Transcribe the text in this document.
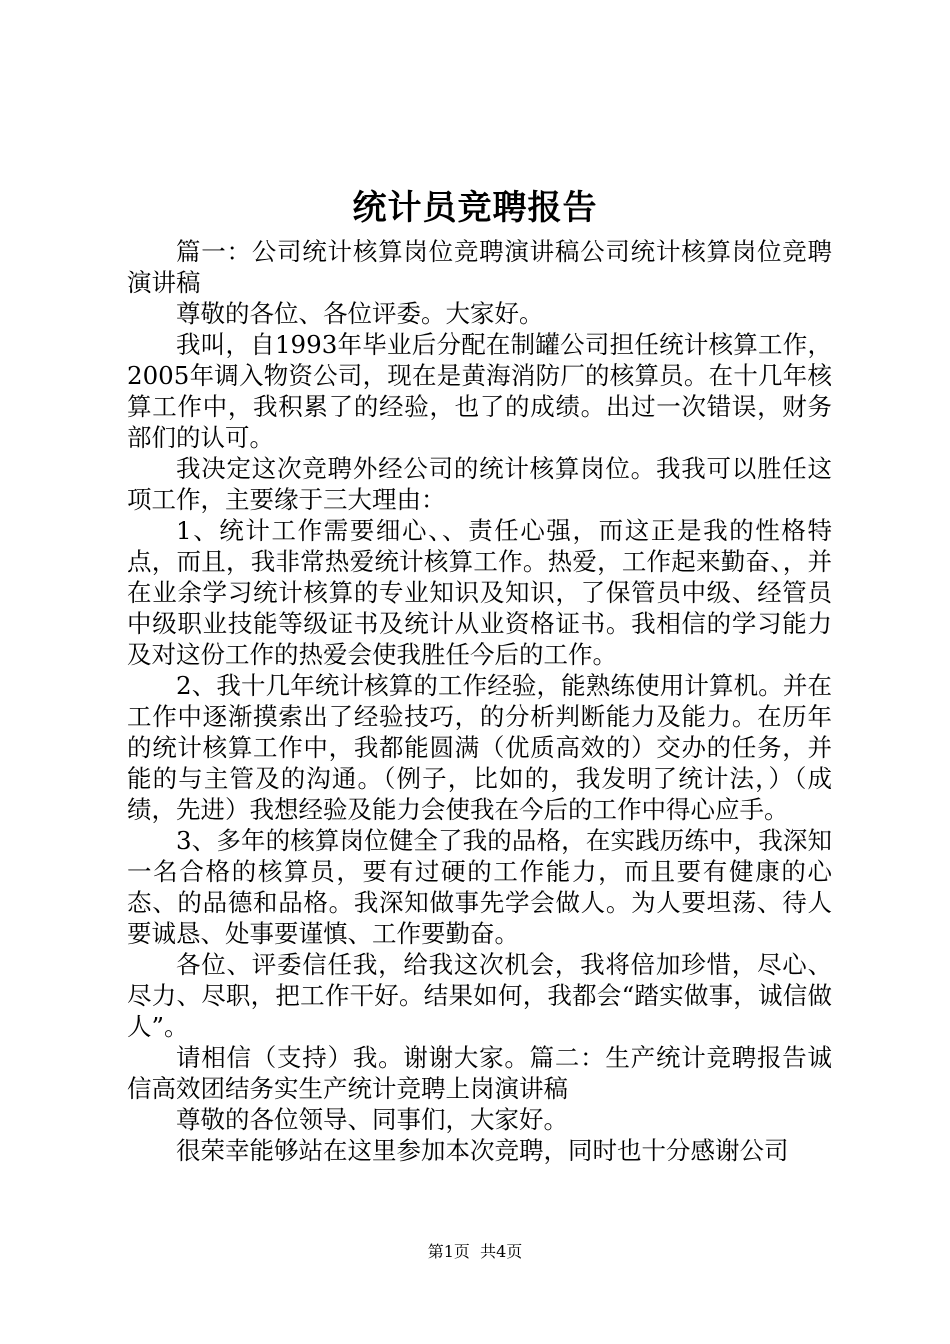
统计员竞聘报告

篇一：公司统计核算岗位竞聘演讲稿公司统计核算岗位竞聘演讲稿

尊敬的各位、各位评委。大家好。

我叫，自1993年毕业后分配在制罐公司担任统计核算工作，2005年调入物资公司，现在是黄海消防厂的核算员。在十几年核算工作中，我积累了的经验，也了的成绩。出过一次错误，财务部们的认可。

我决定这次竞聘外经公司的统计核算岗位。我我可以胜任这项工作，主要缘于三大理由：

1、统计工作需要细心、、责任心强，而这正是我的性格特点，而且，我非常热爱统计核算工作。热爱，工作起来勤奋、，并在业余学习统计核算的专业知识及知识，了保管员中级、经管员中级职业技能等级证书及统计从业资格证书。我相信的学习能力及对这份工作的热爱会使我胜任今后的工作。

2、我十几年统计核算的工作经验，能熟练使用计算机。并在工作中逐渐摸索出了经验技巧，的分析判断能力及能力。在历年的统计核算工作中，我都能圆满（优质高效的）交办的任务，并能的与主管及的沟通。（例子，比如的，我发明了统计法，）（成绩，先进）我想经验及能力会使我在今后的工作中得心应手。

3、多年的核算岗位健全了我的品格，在实践历练中，我深知一名合格的核算员，要有过硬的工作能力，而且要有健康的心态、的品德和品格。我深知做事先学会做人。为人要坦荡、待人要诚恳、处事要谨慎、工作要勤奋。

各位、评委信任我，给我这次机会，我将倍加珍惜，尽心、尽力、尽职，把工作干好。结果如何，我都会“踏实做事，诚信做人”。

请相信（支持）我。谢谢大家。篇二：生产统计竞聘报告诚信高效团结务实生产统计竞聘上岗演讲稿

尊敬的各位领导、同事们，大家好。

很荣幸能够站在这里参加本次竞聘，同时也十分感谢公司

第1页 共4页
